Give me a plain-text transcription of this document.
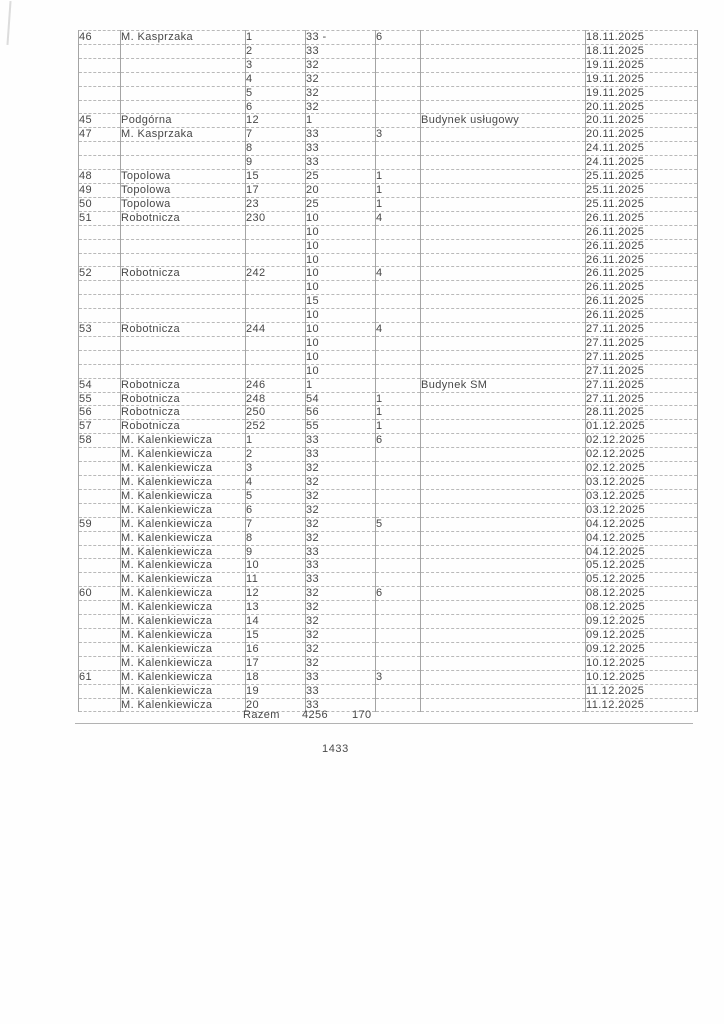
46	M. Kasprzaka	1	33 -	6		18.11.2025
		2	33			18.11.2025
		3	32			19.11.2025
		4	32			19.11.2025
		5	32			19.11.2025
		6	32			20.11.2025
45	Podgórna	12	1		Budynek usługowy	20.11.2025
47	M. Kasprzaka	7	33	3		20.11.2025
		8	33			24.11.2025
		9	33			24.11.2025
48	Topolowa	15	25	1		25.11.2025
49	Topolowa	17	20	1		25.11.2025
50	Topolowa	23	25	1		25.11.2025
51	Robotnicza	230	10	4		26.11.2025
			10			26.11.2025
			10			26.11.2025
			10			26.11.2025
52	Robotnicza	242	10	4		26.11.2025
			10			26.11.2025
			15			26.11.2025
			10			26.11.2025
53	Robotnicza	244	10	4		27.11.2025
			10			27.11.2025
			10			27.11.2025
			10			27.11.2025
54	Robotnicza	246	1		Budynek SM	27.11.2025
55	Robotnicza	248	54	1		27.11.2025
56	Robotnicza	250	56	1		28.11.2025
57	Robotnicza	252	55	1		01.12.2025
58	M. Kalenkiewicza	1	33	6		02.12.2025
	M. Kalenkiewicza	2	33			02.12.2025
	M. Kalenkiewicza	3	32			02.12.2025
	M. Kalenkiewicza	4	32			03.12.2025
	M. Kalenkiewicza	5	32			03.12.2025
	M. Kalenkiewicza	6	32			03.12.2025
59	M. Kalenkiewicza	7	32	5		04.12.2025
	M. Kalenkiewicza	8	32			04.12.2025
	M. Kalenkiewicza	9	33			04.12.2025
	M. Kalenkiewicza	10	33			05.12.2025
	M. Kalenkiewicza	11	33			05.12.2025
60	M. Kalenkiewicza	12	32	6		08.12.2025
	M. Kalenkiewicza	13	32			08.12.2025
	M. Kalenkiewicza	14	32			09.12.2025
	M. Kalenkiewicza	15	32			09.12.2025
	M. Kalenkiewicza	16	32			09.12.2025
	M. Kalenkiewicza	17	32			10.12.2025
61	M. Kalenkiewicza	18	33	3		10.12.2025
	M. Kalenkiewicza	19	33			11.12.2025
	M. Kalenkiewicza	20	33			11.12.2025
Razem 4256 170
1433
